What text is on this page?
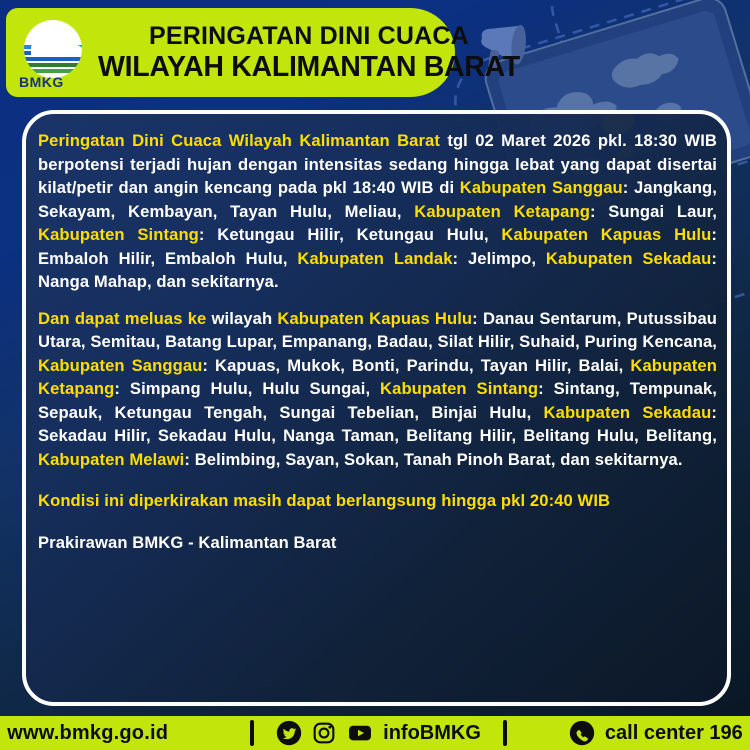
BMKG
PERINGATAN DINI CUACA
WILAYAH KALIMANTAN BARAT

Peringatan Dini Cuaca Wilayah Kalimantan Barat tgl 02 Maret 2026 pkl. 18:30 WIB berpotensi terjadi hujan dengan intensitas sedang hingga lebat yang dapat disertai kilat/petir dan angin kencang pada pkl 18:40 WIB di Kabupaten Sanggau: Jangkang, Sekayam, Kembayan, Tayan Hulu, Meliau, Kabupaten Ketapang: Sungai Laur, Kabupaten Sintang: Ketungau Hilir, Ketungau Hulu, Kabupaten Kapuas Hulu: Embaloh Hilir, Embaloh Hulu, Kabupaten Landak: Jelimpo, Kabupaten Sekadau: Nanga Mahap, dan sekitarnya.

Dan dapat meluas ke wilayah Kabupaten Kapuas Hulu: Danau Sentarum, Putussibau Utara, Semitau, Batang Lupar, Empanang, Badau, Silat Hilir, Suhaid, Puring Kencana, Kabupaten Sanggau: Kapuas, Mukok, Bonti, Parindu, Tayan Hilir, Balai, Kabupaten Ketapang: Simpang Hulu, Hulu Sungai, Kabupaten Sintang: Sintang, Tempunak, Sepauk, Ketungau Tengah, Sungai Tebelian, Binjai Hulu, Kabupaten Sekadau: Sekadau Hilir, Sekadau Hulu, Nanga Taman, Belitang Hilir, Belitang Hulu, Belitang, Kabupaten Melawi: Belimbing, Sayan, Sokan, Tanah Pinoh Barat, dan sekitarnya.

Kondisi ini diperkirakan masih dapat berlangsung hingga pkl 20:40 WIB

Prakirawan BMKG - Kalimantan Barat

www.bmkg.go.id	infoBMKG	call center 196
